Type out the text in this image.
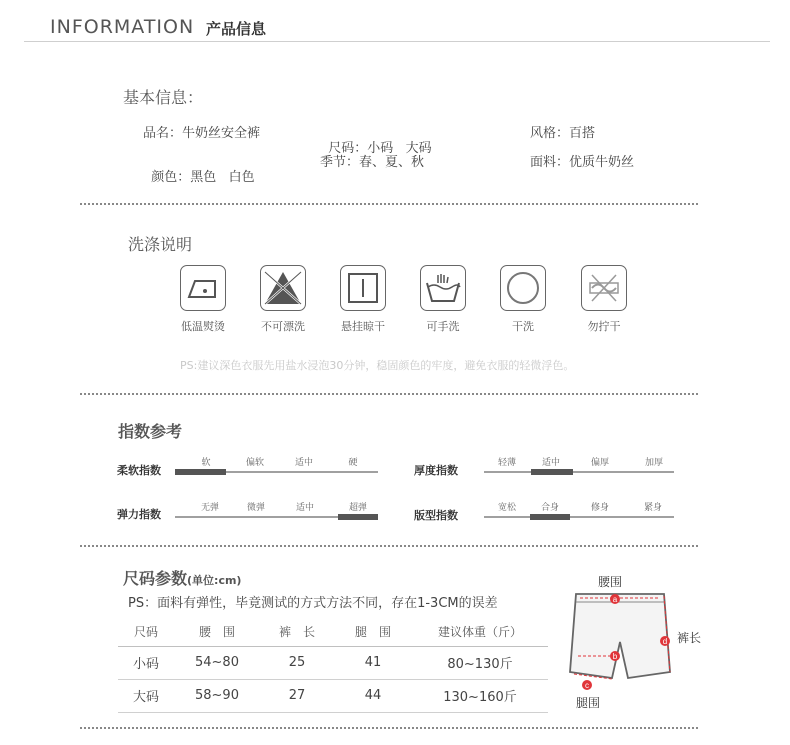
INFORMATION 产品信息
基本信息：
品名：牛奶丝安全裤

尺码：小码   大码

风格：百搭

颜色：黑色   白色

季节：春、夏、秋	面料：优质牛奶丝
洗涤说明
低温熨烫	不可漂洗	悬挂晾干	可手洗	干洗	勿拧干
PS:建议深色衣服先用盐水浸泡30分钟，稳固颜色的牢度，避免衣服的轻微浮色。
指数参考
柔软指数
软	偏软	适中	硬
厚度指数
轻薄	适中	偏厚	加厚
弹力指数	无弹	微弹	适中	超弹
版型指数
宽松	合身	修身	紧身
尺码参数(单位:cm)
PS：面料有弹性，毕竟测试的方式方法不同，存在1-3CM的误差
尺码	腰　围	裤　长	腿　围	建议体重（斤）
小码	54~80	25	41	80~130斤
大码	58~90	27	44	130~160斤
腰围
裤长
腿围
a
b
c
d
